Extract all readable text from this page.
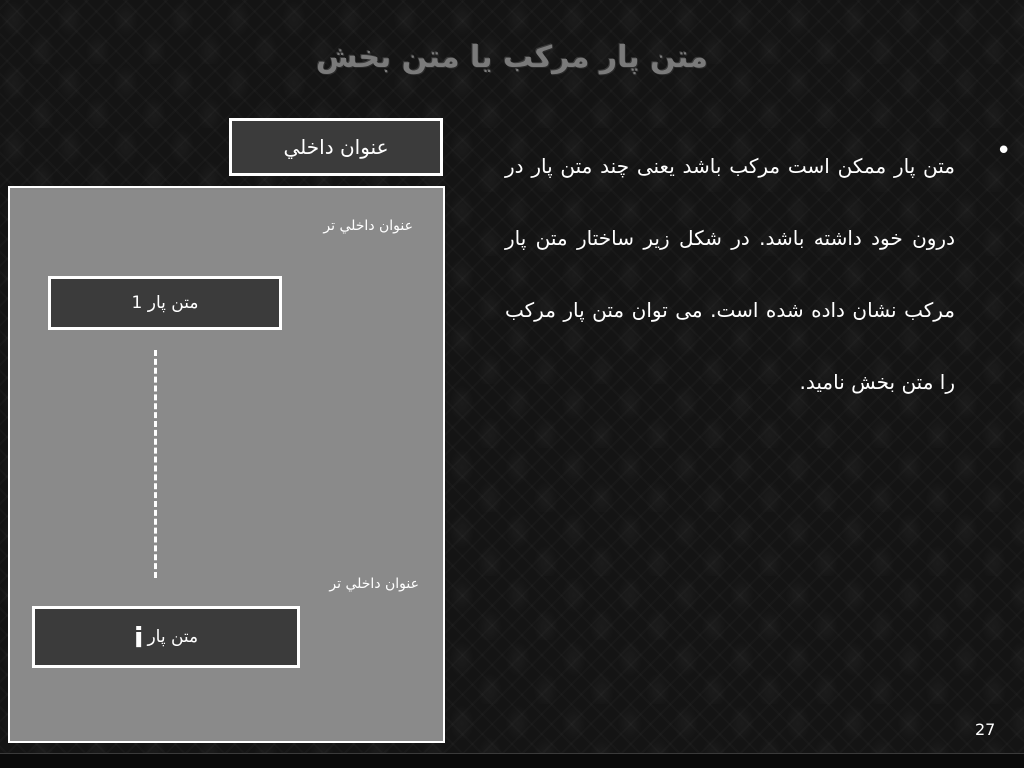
متن پار مرکب یا متن بخش
•
متن پار ممکن است مرکب باشد یعنی چند متن پار در درون خود داشته باشد. در شکل زیر ساختار متن پار مرکب نشان داده شده است. می توان متن پار مرکب را متن بخش نامید.
عنوان داخلي
عنوان داخلي تر
متن پار 1
عنوان داخلي تر
متن پار
i
27
